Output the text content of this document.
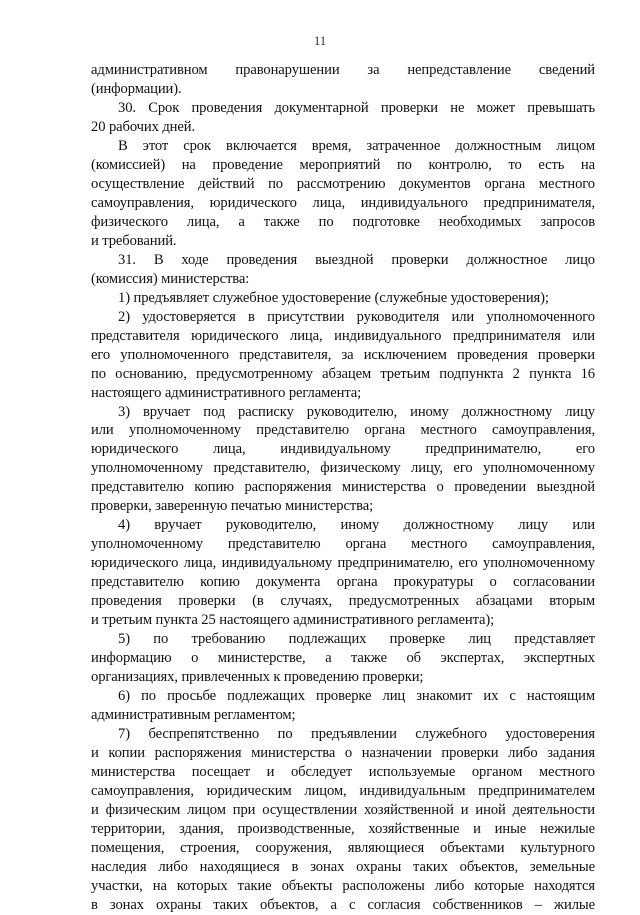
11
административном правонарушении за непредставление сведений
(информации).
30. Срок проведения документарной проверки не может превышать
20 рабочих дней.
В этот срок включается время, затраченное должностным лицом
(комиссией) на проведение мероприятий по контролю, то есть на
осуществление действий по рассмотрению документов органа местного
самоуправления, юридического лица, индивидуального предпринимателя,
физического лица, а также по подготовке необходимых запросов
и требований.
31. В ходе проведения выездной проверки должностное лицо
(комиссия) министерства:
1) предъявляет служебное удостоверение (служебные удостоверения);
2) удостоверяется в присутствии руководителя или уполномоченного
представителя юридического лица, индивидуального предпринимателя или
его уполномоченного представителя, за исключением проведения проверки
по основанию, предусмотренному абзацем третьим подпункта 2 пункта 16
настоящего административного регламента;
3) вручает под расписку руководителю, иному должностному лицу
или уполномоченному представителю органа местного самоуправления,
юридического лица, индивидуальному предпринимателю, его
уполномоченному представителю, физическому лицу, его уполномоченному
представителю копию распоряжения министерства о проведении выездной
проверки, заверенную печатью министерства;
4) вручает руководителю, иному должностному лицу или
уполномоченному представителю органа местного самоуправления,
юридического лица, индивидуальному предпринимателю, его уполномоченному
представителю копию документа органа прокуратуры о согласовании
проведения проверки (в случаях, предусмотренных абзацами вторым
и третьим пункта 25 настоящего административного регламента);
5) по требованию подлежащих проверке лиц представляет
информацию о министерстве, а также об экспертах, экспертных
организациях, привлеченных к проведению проверки;
6) по просьбе подлежащих проверке лиц знакомит их с настоящим
административным регламентом;
7) беспрепятственно по предъявлении служебного удостоверения
и копии распоряжения министерства о назначении проверки либо задания
министерства посещает и обследует используемые органом местного
самоуправления, юридическим лицом, индивидуальным предпринимателем
и физическим лицом при осуществлении хозяйственной и иной деятельности
территории, здания, производственные, хозяйственные и иные нежилые
помещения, строения, сооружения, являющиеся объектами культурного
наследия либо находящиеся в зонах охраны таких объектов, земельные
участки, на которых такие объекты расположены либо которые находятся
в зонах охраны таких объектов, а с согласия собственников – жилые
